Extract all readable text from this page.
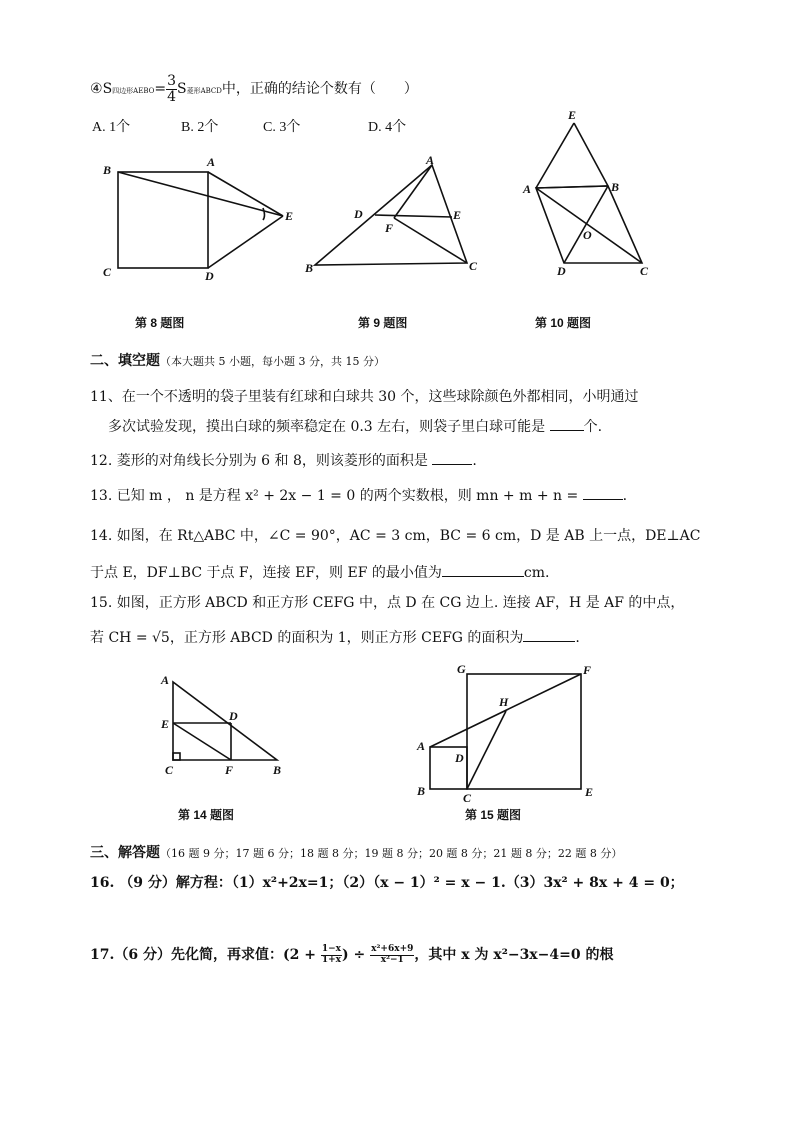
④S四边形AEBO= $\frac{3}{4}$ S菱形ABCD中，正确的结论个数有（　　）
A. 1个	B. 2个	C. 3个	D. 4个
B
A
E
C	D
第 8 题图
A
D	E
F
B	C
第 9 题图
E
A	B
O
D	C
第 10 题图
二、填空题（本大题共 5 小题，每小题 3 分，共 15 分）
11、在一个不透明的袋子里装有红球和白球共 30 个，这些球除颜色外都相同，小明通过
多次试验发现，摸出白球的频率稳定在 0.3 左右，则袋子里白球可能是 个.
12. 菱形的对角线长分别为 6 和 8，则该菱形的面积是	.
13. 已知 m ， n 是方程 x² + 2x − 1 = 0 的两个实数根，则 mn + m + n =	.
14. 如图，在 Rt△ABC 中，∠C = 90°，AC = 3 cm，BC = 6 cm，D 是 AB 上一点，DE⊥AC
于点 E，DF⊥BC 于点 F，连接 EF，则 EF 的最小值为	cm.
15. 如图，正方形 ABCD 和正方形 CEFG 中，点 D 在 CG 边上. 连接 AF，H 是 AF 的中点，
若 CH = √5，正方形 ABCD 的面积为 1，则正方形 CEFG 的面积为	.
A
E
D
C	F	B
第 14 题图
G	F
H
A
D
B	C	E
第 15 题图
三、解答题（16 题 9 分；17 题 6 分；18 题 8 分；19 题 8 分；20 题 8 分；21 题 8 分；22 题 8 分）
16. （9 分）解方程：（1）x²+2x=1；（2）（x − 1）² = x − 1.（3）3x² + 8x + 4 = 0；
17.（6 分）先化简，再求值：($2 + \frac{1-x}{1+x}$ ) ÷ $\frac{\text{x²+6x+9}}{\text{x²−1}}$ ，其中 x 为 x²−3x−4=0 的根
